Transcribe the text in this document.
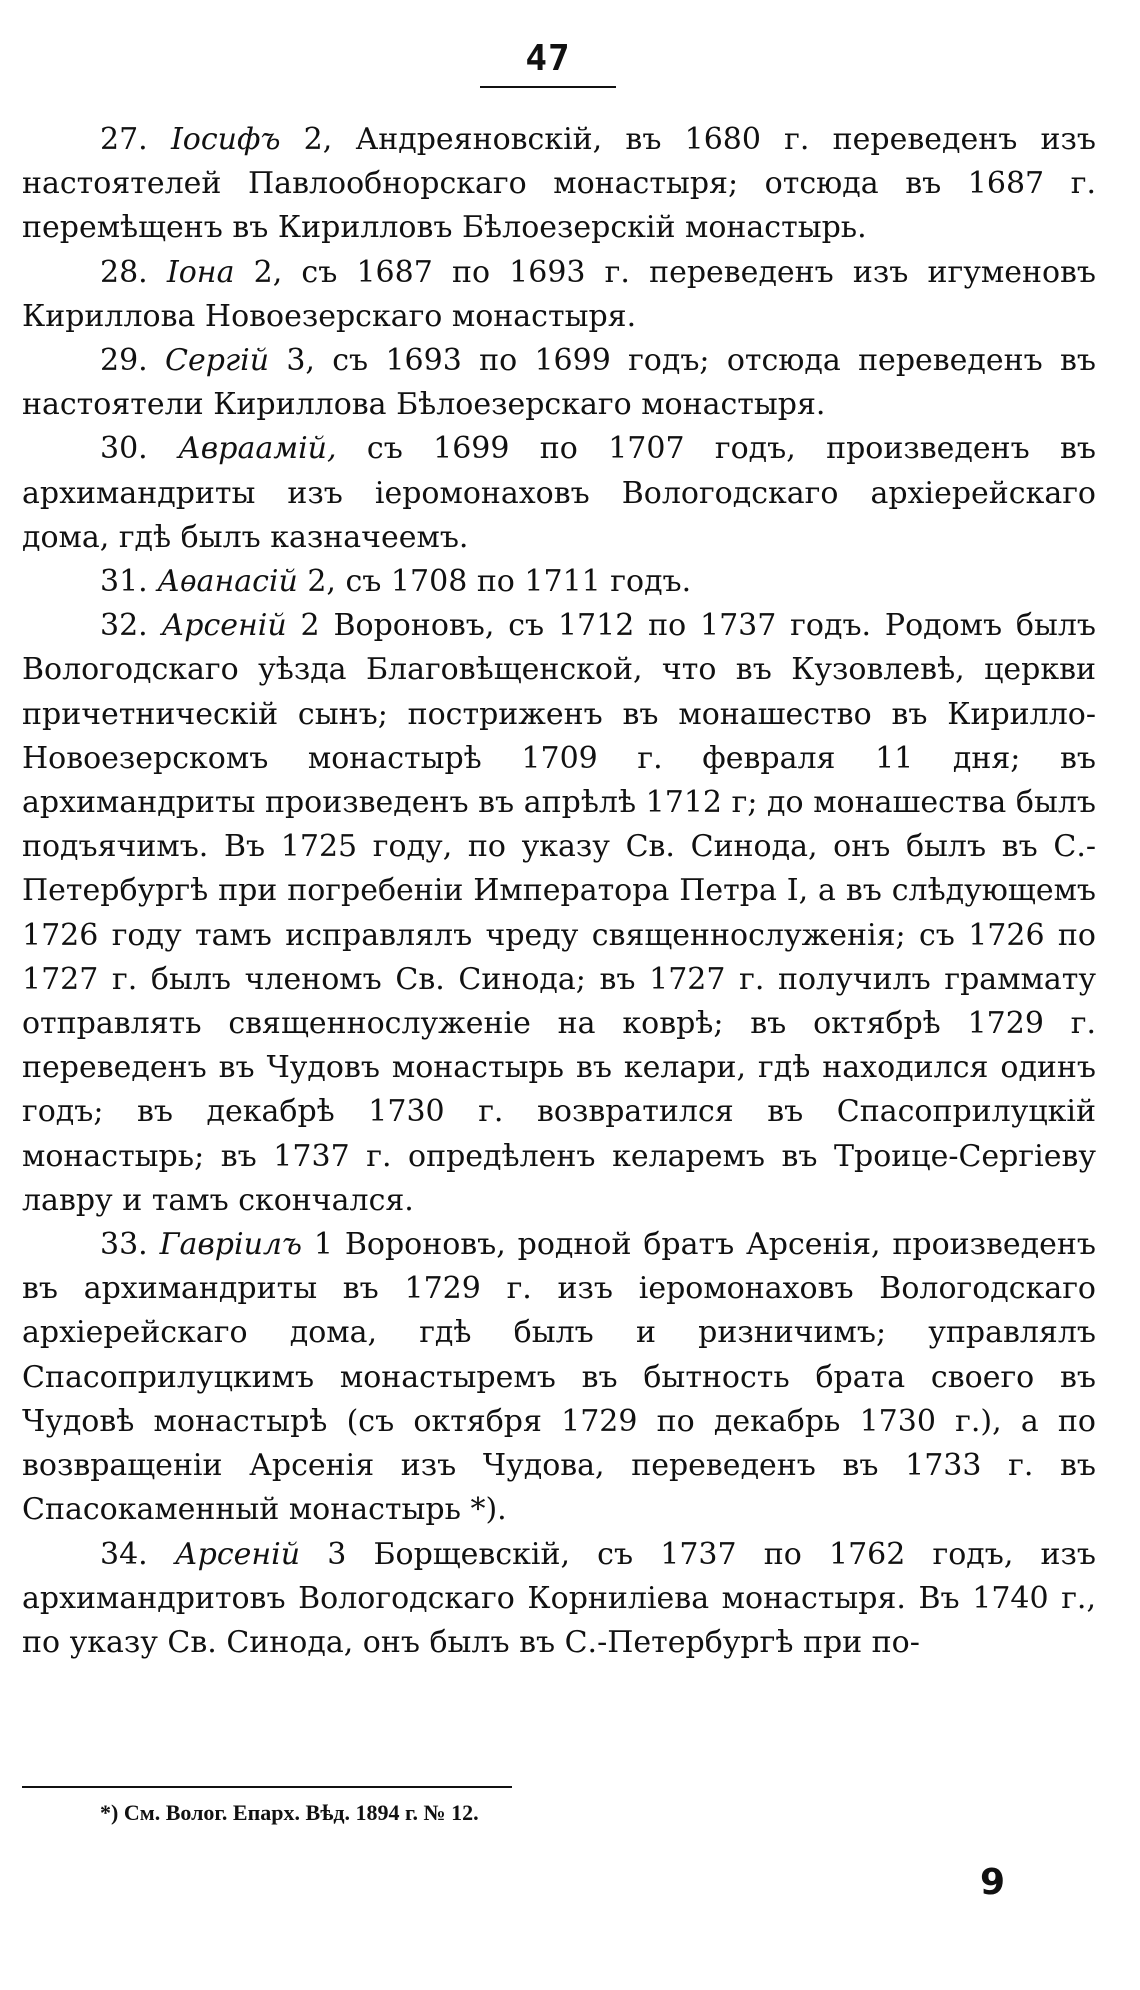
47

27. Іосифъ 2, Андреяновскій, въ 1680 г. переведенъ изъ настоятелей Павлообнорскаго монастыря; отсюда въ 1687 г. перемѣщенъ въ Кирилловъ Бѣлоезерскій монастырь.

28. Іона 2, съ 1687 по 1693 г. переведенъ изъ игуменовъ Кириллова Новоезерскаго монастыря.

29. Сергій 3, съ 1693 по 1699 годъ; отсюда переведенъ въ настоятели Кириллова Бѣлоезерскаго монастыря.

30. Авраамій, съ 1699 по 1707 годъ, произведенъ въ архимандриты изъ іеромонаховъ Вологодскаго архіерейскаго дома, гдѣ былъ казначеемъ.

31. Аѳанасій 2, съ 1708 по 1711 годъ.

32. Арсеній 2 Вороновъ, съ 1712 по 1737 годъ. Родомъ былъ Вологодскаго уѣзда Благовѣщенской, что въ Кузовлевѣ, церкви причетническій сынъ; постриженъ въ монашество въ Кирилло-Новоезерскомъ монастырѣ 1709 г. февраля 11 дня; въ архимандриты произведенъ въ апрѣлѣ 1712 г; до монашества былъ подъячимъ. Въ 1725 году, по указу Св. Синода, онъ былъ въ С.-Петербургѣ при погребеніи Императора Петра I, а въ слѣдующемъ 1726 году тамъ исправлялъ чреду священнослуженія; съ 1726 по 1727 г. былъ членомъ Св. Синода; въ 1727 г. получилъ граммату отправлять священнослуженіе на коврѣ; въ октябрѣ 1729 г. переведенъ въ Чудовъ монастырь въ келари, гдѣ находился одинъ годъ; въ декабрѣ 1730 г. возвратился въ Спасоприлуцкій монастырь; въ 1737 г. опредѣленъ келаремъ въ Троице-Сергіеву лавру и тамъ скончался.

33. Гавріилъ 1 Вороновъ, родной братъ Арсенія, произведенъ въ архимандриты въ 1729 г. изъ іеромонаховъ Вологодскаго архіерейскаго дома, гдѣ былъ и ризничимъ; управлялъ Спасоприлуцкимъ монастыремъ въ бытность брата своего въ Чудовѣ монастырѣ (съ октября 1729 по декабрь 1730 г.), а по возвращеніи Арсенія изъ Чудова, переведенъ въ 1733 г. въ Спасокаменный монастырь *).

34. Арсеній 3 Борщевскій, съ 1737 по 1762 годъ, изъ архимандритовъ Вологодскаго Корниліева монастыря. Въ 1740 г., по указу Св. Синода, онъ былъ въ С.-Петербургѣ при по-

*) См. Волог. Епарх. Вѣд. 1894 г. № 12.
9
